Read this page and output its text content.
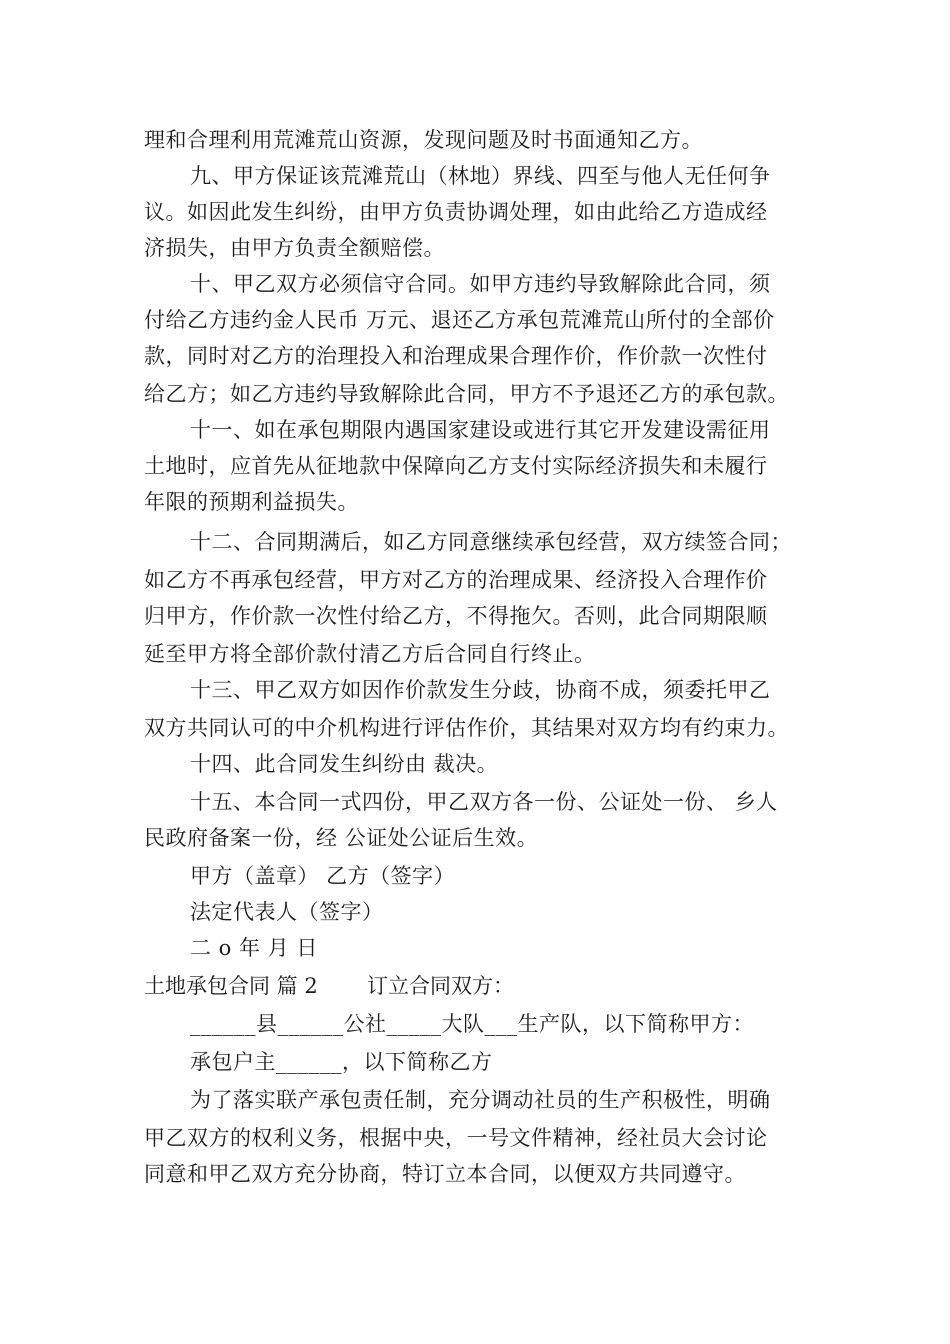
理和合理利用荒滩荒山资源，发现问题及时书面通知乙方。
九、甲方保证该荒滩荒山（林地）界线、四至与他人无任何争
议。如因此发生纠纷，由甲方负责协调处理，如由此给乙方造成经
济损失，由甲方负责全额赔偿。
十、甲乙双方必须信守合同。如甲方违约导致解除此合同，须
付给乙方违约金人民币 万元、退还乙方承包荒滩荒山所付的全部价
款，同时对乙方的治理投入和治理成果合理作价，作价款一次性付
给乙方；如乙方违约导致解除此合同，甲方不予退还乙方的承包款。
十一、如在承包期限内遇国家建设或进行其它开发建设需征用
土地时，应首先从征地款中保障向乙方支付实际经济损失和未履行
年限的预期利益损失。
十二、合同期满后，如乙方同意继续承包经营，双方续签合同；
如乙方不再承包经营，甲方对乙方的治理成果、经济投入合理作价
归甲方，作价款一次性付给乙方，不得拖欠。否则，此合同期限顺
延至甲方将全部价款付清乙方后合同自行终止。
十三、甲乙双方如因作价款发生分歧，协商不成，须委托甲乙
双方共同认可的中介机构进行评估作价，其结果对双方均有约束力。
十四、此合同发生纠纷由 裁决。
十五、本合同一式四份，甲乙双方各一份、公证处一份、 乡人
民政府备案一份，经 公证处公证后生效。
甲方（盖章） 乙方（签字）
法定代表人（签字）
二 o 年 月 日
土地承包合同 篇 2 订立合同双方：
______县______公社_____大队___生产队，以下简称甲方：
承包户主______，以下简称乙方
为了落实联产承包责任制，充分调动社员的生产积极性，明确
甲乙双方的权利义务，根据中央，一号文件精神，经社员大会讨论
同意和甲乙双方充分协商，特订立本合同，以便双方共同遵守。
